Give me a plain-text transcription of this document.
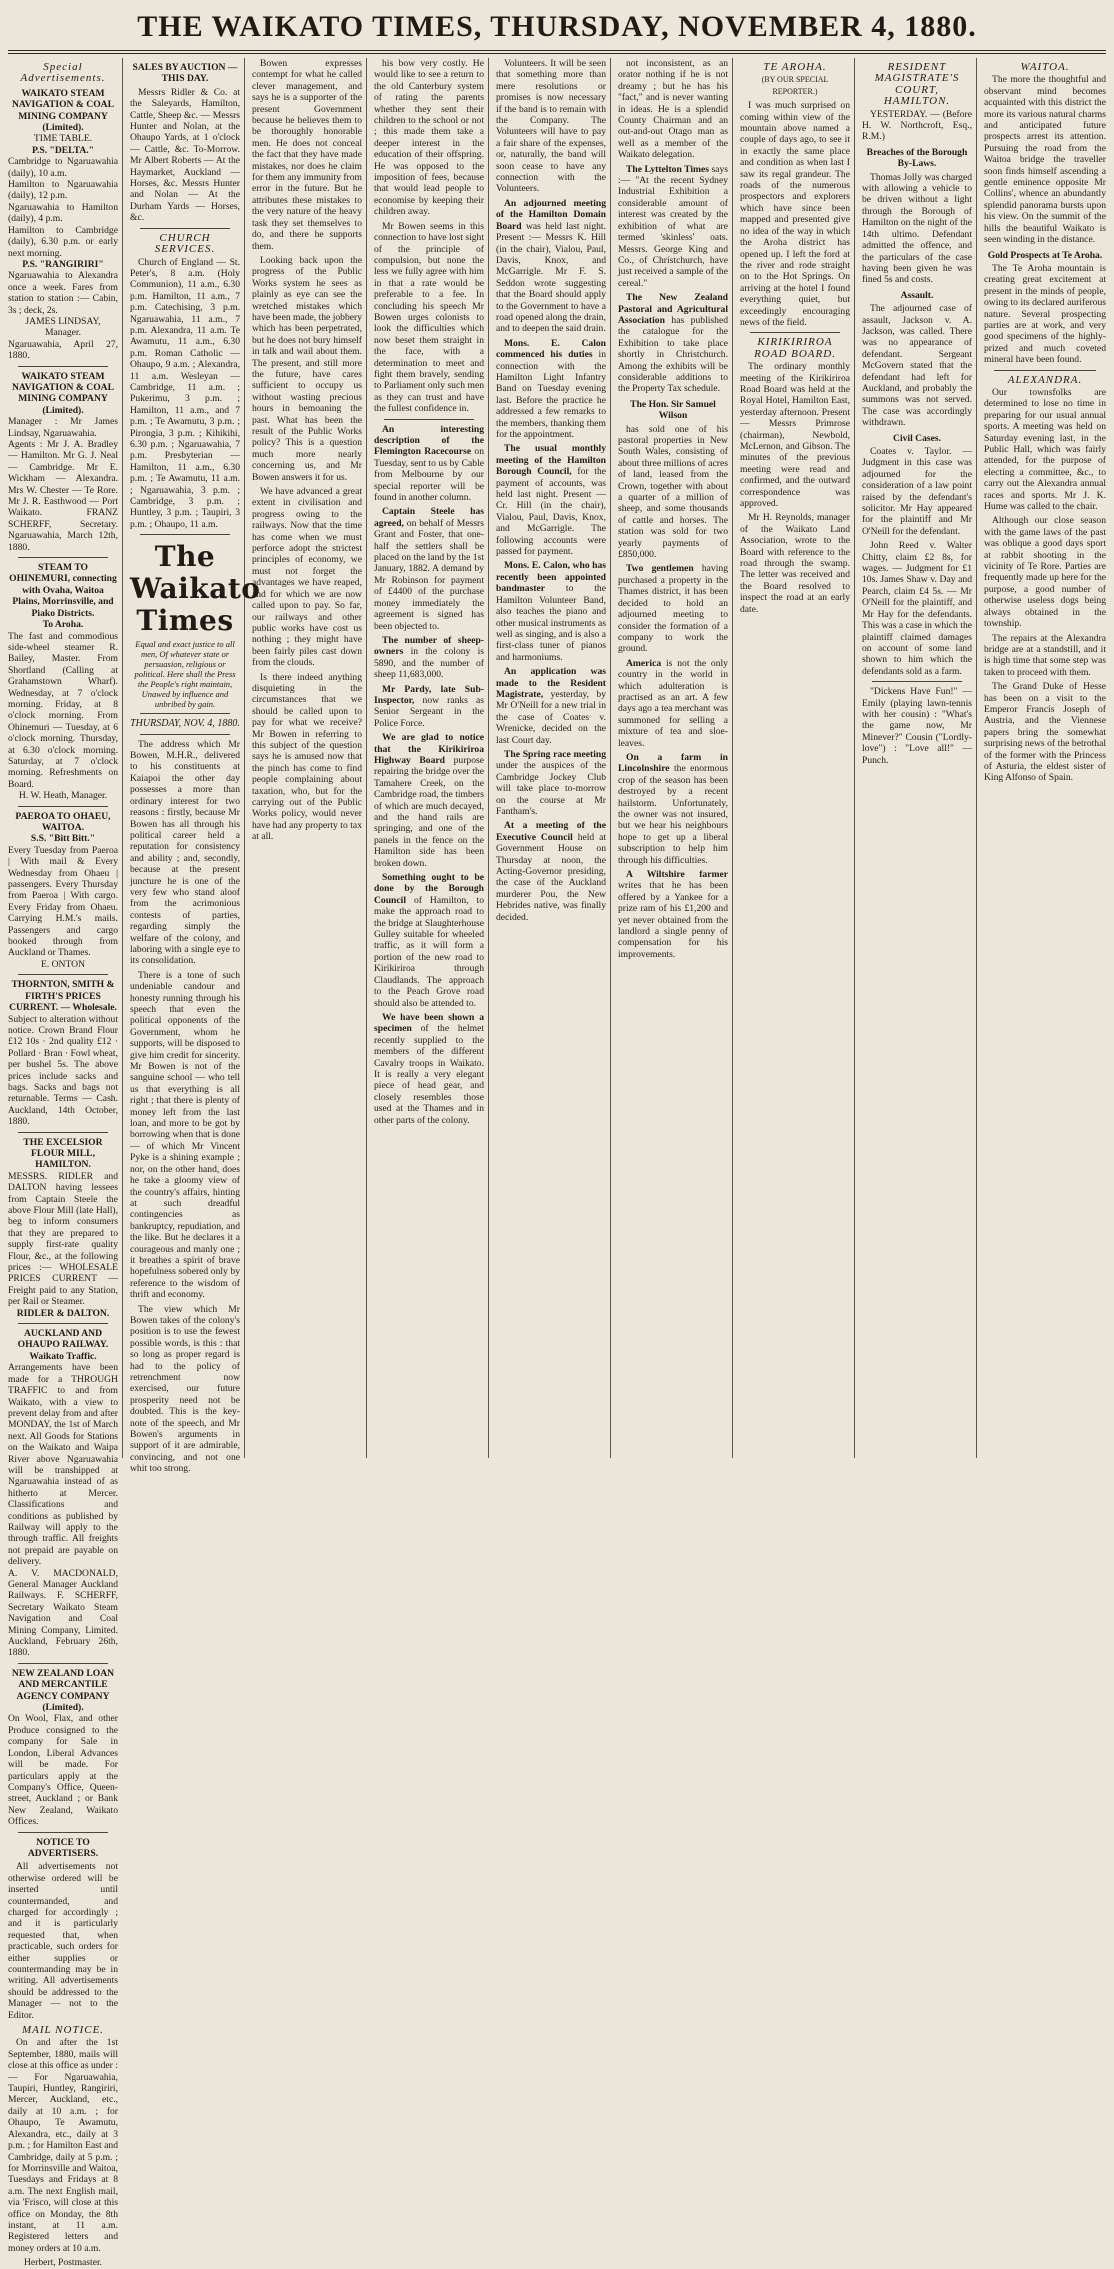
THE WAIKATO TIMES, THURSDAY, NOVEMBER 4, 1880.
Special Advertisements.
WAIKATO STEAM NAVIGATION & COAL MINING COMPANY (Limited).
TIME TABLE.
P.S. "DELTA."
Cambridge to Ngaruawahia (daily), 10 a.m.
Hamilton to Ngaruawahia (daily), 12 p.m.
Ngaruawahia to Hamilton (daily), 4 p.m.
Hamilton to Cambridge (daily), 6.30 p.m. or early next morning.
P.S. "RANGIRIRI"
Ngaruawahia to Alexandra once a week. Fares from station to station :— Cabin, 3s ; deck, 2s.
JAMES LINDSAY, Manager.
Ngaruawahia, April 27, 1880.
WAIKATO STEAM NAVIGATION & COAL MINING COMPANY (Limited).
Manager : Mr James Lindsay, Ngaruawahia.
Agents : Mr J. A. Bradley — Hamilton. Mr G. J. Neal — Cambridge. Mr E. Wickham — Alexandra. Mrs W. Chester — Te Rore. Mr J. R. Easthwood — Port Waikato. FRANZ SCHERFF, Secretary. Ngaruawahia, March 12th, 1880.
STEAM TO OHINEMURI, connecting with Ovaha, Waitoa Plains, Morrinsville, and Piako Districts.
To Aroha.
The fast and commodious side-wheel steamer R. Bailey, Master. From Shortland (Calling at Grahamstown Wharf). Wednesday, at 7 o'clock morning. Friday, at 8 o'clock morning. From Ohinemuri — Tuesday, at 6 o'clock morning. Thursday, at 6.30 o'clock morning. Saturday, at 7 o'clock morning. Refreshments on Board.
H. W. Heath, Manager.
PAEROA TO OHAEU, WAITOA.
S.S. "Bitt Bitt."
Every Tuesday from Paeroa | With mail & Every Wednesday from Ohaeu | passengers. Every Thursday from Paeroa | With cargo. Every Friday from Ohaeu. Carrying H.M.'s mails. Passengers and cargo booked through from Auckland or Thames.
E. ONTON
THORNTON, SMITH & FIRTH'S PRICES CURRENT. — Wholesale.
Subject to alteration without notice. Crown Brand Flour £12 10s · 2nd quality £12 · Pollard · Bran · Fowl wheat, per bushel 5s. The above prices include sacks and bags. Sacks and bags not returnable. Terms — Cash. Auckland, 14th October, 1880.
THE EXCELSIOR FLOUR MILL, HAMILTON.
MESSRS. RIDLER and DALTON having lessees from Captain Steele the above Flour Mill (late Hall), beg to inform consumers that they are prepared to supply first-rate quality Flour, &c., at the following prices :— WHOLESALE PRICES CURRENT — Freight paid to any Station, per Rail or Steamer.
RIDLER & DALTON.
AUCKLAND AND OHAUPO RAILWAY.
Waikato Traffic.
Arrangements have been made for a THROUGH TRAFFIC to and from Waikato, with a view to prevent delay from and after MONDAY, the 1st of March next. All Goods for Stations on the Waikato and Waipa River above Ngaruawahia will be transhipped at Ngaruawahia instead of as hitherto at Mercer. Classifications and conditions as published by Railway will apply to the through traffic. All freights not prepaid are payable on delivery.
A. V. MACDONALD, General Manager Auckland Railways. F. SCHERFF, Secretary Waikato Steam Navigation and Coal Mining Company, Limited. Auckland, February 26th, 1880.
NEW ZEALAND LOAN AND MERCANTILE AGENCY COMPANY (Limited).
On Wool, Flax, and other Produce consigned to the company for Sale in London, Liberal Advances will be made. For particulars apply at the Company's Office, Queen-street, Auckland ; or Bank New Zealand, Waikato Offices.
NOTICE TO ADVERTISERS.

All advertisements not otherwise ordered will be inserted until countermanded, and charged for accordingly ; and it is particularly requested that, when practicable, such orders for either supplies or countermanding may be in writing. All advertisements should be addressed to the Manager — not to the Editor.

MAIL NOTICE.

On and after the 1st September, 1880, mails will close at this office as under :— For Ngaruawahia, Taupiri, Huntley, Rangiriri, Mercer, Auckland, etc., daily at 10 a.m. ; for Ohaupo, Te Awamutu, Alexandra, etc., daily at 3 p.m. ; for Hamilton East and Cambridge, daily at 5 p.m. ; for Morrinsville and Waitoa, Tuesdays and Fridays at 8 a.m. The next English mail, via 'Frisco, will close at this office on Monday, the 8th instant, at 11 a.m. Registered letters and money orders at 10 a.m.

Herbert, Postmaster.
SALES BY AUCTION — THIS DAY.

Messrs Ridler & Co. at the Saleyards, Hamilton, Cattle, Sheep &c. — Messrs Hunter and Nolan, at the Ohaupo Yards, at 1 o'clock — Cattle, &c. To-Morrow. Mr Albert Roberts — At the Haymarket, Auckland — Horses, &c. Messrs Hunter and Nolan — At the Durham Yards — Horses, &c.

CHURCH SERVICES.

Church of England — St. Peter's, 8 a.m. (Holy Communion), 11 a.m., 6.30 p.m. Hamilton, 11 a.m., 7 p.m. Catechising, 3 p.m. Ngaruawahia, 11 a.m., 7 p.m. Alexandra, 11 a.m. Te Awamutu, 11 a.m., 6.30 p.m. Roman Catholic — Ohaupo, 9 a.m. ; Alexandra, 11 a.m. Wesleyan — Cambridge, 11 a.m. ; Pukerimu, 3 p.m. ; Hamilton, 11 a.m., and 7 p.m. ; Te Awamutu, 3 p.m. ; Pirongia, 3 p.m. ; Kihikihi, 6.30 p.m. ; Ngaruawahia, 7 p.m. Presbyterian — Hamilton, 11 a.m., 6.30 p.m. ; Te Awamutu, 11 a.m. ; Ngaruawahia, 3 p.m. ; Cambridge, 3 p.m. ; Huntley, 3 p.m. ; Taupiri, 3 p.m. ; Ohaupo, 11 a.m.

The Waikato Times
Equal and exact justice to all men, Of whatever state or persuasion, religious or political. Here shall the Press the People's right maintain, Unawed by influence and unbribed by gain.
THURSDAY, NOV. 4, 1880.

The address which Mr Bowen, M.H.R., delivered to his constituents at Kaiapoi the other day possesses a more than ordinary interest for two reasons : firstly, because Mr Bowen has all through his political career held a reputation for consistency and ability ; and, secondly, because at the present juncture he is one of the very few who stand aloof from the acrimonious contests of parties, regarding simply the welfare of the colony, and laboring with a single eye to its consolidation.

There is a tone of such undeniable candour and honesty running through his speech that even the political opponents of the Government, whom he supports, will be disposed to give him credit for sincerity. Mr Bowen is not of the sanguine school — who tell us that everything is all right ; that there is plenty of money left from the last loan, and more to be got by borrowing when that is done — of which Mr Vincent Pyke is a shining example ; nor, on the other hand, does he take a gloomy view of the country's affairs, hinting at such dreadful contingencies as bankruptcy, repudiation, and the like. But he declares it a courageous and manly one ; it breathes a spirit of brave hopefulness sobered only by reference to the wisdom of thrift and economy.

The view which Mr Bowen takes of the colony's position is to use the fewest possible words, is this : that so long as proper regard is had to the policy of retrenchment now exercised, our future prosperity need not be doubted. This is the key-note of the speech, and Mr Bowen's arguments in support of it are admirable, convincing, and not one whit too strong.

Bowen expresses contempt for what he called clever management, and says he is a supporter of the present Government because he believes them to be thoroughly honorable men. He does not conceal the fact that they have made mistakes, nor does he claim for them any immunity from error in the future. But he attributes these mistakes to the very nature of the heavy task they set themselves to do, and there he supports them.

Looking back upon the progress of the Public Works system he sees as plainly as eye can see the wretched mistakes which have been made, the jobbery which has been perpetrated, but he does not bury himself in talk and wail about them. The present, and still more the future, have cares sufficient to occupy us without wasting precious hours in bemoaning the past. What has been the result of the Public Works policy? This is a question much more nearly concerning us, and Mr Bowen answers it for us.

We have advanced a great extent in civilisation and progress owing to the railways. Now that the time has come when we must perforce adopt the strictest principles of economy, we must not forget the advantages we have reaped, and for which we are now called upon to pay. So far, our railways and other public works have cost us nothing ; they might have been fairly piles cast down from the clouds.

Is there indeed anything disquieting in the circumstances that we should be called upon to pay for what we receive? Mr Bowen in referring to this subject of the question says he is amused now that the pinch has come to find people complaining about taxation, who, but for the carrying out of the Public Works policy, would never have had any property to tax at all.

his bow very costly. He would like to see a return to the old Canterbury system of rating the parents whether they sent their children to the school or not ; this made them take a deeper interest in the education of their offspring. He was opposed to the imposition of fees, because that would lead people to economise by keeping their children away.

Mr Bowen seems in this connection to have lost sight of the principle of compulsion, but none the less we fully agree with him in that a rate would be preferable to a fee. In concluding his speech Mr Bowen urges colonists to look the difficulties which now beset them straight in the face, with a determination to meet and fight them bravely, sending to Parliament only such men as they can trust and have the fullest confidence in.

An interesting description of the Flemington Racecourse on Tuesday, sent to us by Cable from Melbourne by our special reporter will be found in another column.

Captain Steele has agreed, on behalf of Messrs Grant and Foster, that one-half the settlers shall be placed on the land by the 1st January, 1882. A demand by Mr Robinson for payment of £4400 of the purchase money immediately the agreement is signed has been objected to.

The number of sheep-owners in the colony is 5890, and the number of sheep 11,683,000.

Mr Pardy, late Sub-Inspector, now ranks as Senior Sergeant in the Police Force.

We are glad to notice that the Kirikiriroa Highway Board purpose repairing the bridge over the Tamahere Creek, on the Cambridge road, the timbers of which are much decayed, and the hand rails are springing, and one of the panels in the fence on the Hamilton side has been broken down.

Something ought to be done by the Borough Council of Hamilton, to make the approach road to the bridge at Slaughterhouse Gulley suitable for wheeled traffic, as it will form a portion of the new road to Kirikiriroa through Claudlands. The approach to the Peach Grove road should also be attended to.

We have been shown a specimen of the helmet recently supplied to the members of the different Cavalry troops in Waikato. It is really a very elegant piece of head gear, and closely resembles those used at the Thames and in other parts of the colony.

Volunteers. It will be seen that something more than mere resolutions or promises is now necessary if the band is to remain with the Company. The Volunteers will have to pay a fair share of the expenses, or, naturally, the band will soon cease to have any connection with the Volunteers.

An adjourned meeting of the Hamilton Domain Board was held last night. Present :— Messrs K. Hill (in the chair), Vialou, Paul, Davis, Knox, and McGarrigle. Mr F. S. Seddon wrote suggesting that the Board should apply to the Government to have a road opened along the drain, and to deepen the said drain.

Mons. E. Calon commenced his duties in connection with the Hamilton Light Infantry Band on Tuesday evening last. Before the practice he addressed a few remarks to the members, thanking them for the appointment.

The usual monthly meeting of the Hamilton Borough Council, for the payment of accounts, was held last night. Present — Cr. Hill (in the chair), Vialou, Paul, Davis, Knox, and McGarrigle. The following accounts were passed for payment.

Mons. E. Calon, who has recently been appointed bandmaster to the Hamilton Volunteer Band, also teaches the piano and other musical instruments as well as singing, and is also a first-class tuner of pianos and harmoniums.

An application was made to the Resident Magistrate, yesterday, by Mr O'Neill for a new trial in the case of Coates v. Wrenicke, decided on the last Court day.

The Spring race meeting under the auspices of the Cambridge Jockey Club will take place to-morrow on the course at Mr Fantham's.

At a meeting of the Executive Council held at Government House on Thursday at noon, the Acting-Governor presiding, the case of the Auckland murderer Pou, the New Hebrides native, was finally decided.

not inconsistent, as an orator nothing if he is not dreamy ; but he has his "fact," and is never wanting in ideas. He is a splendid County Chairman and an out-and-out Otago man as well as a member of the Waikato delegation.

The Lyttelton Times says :— "At the recent Sydney Industrial Exhibition a considerable amount of interest was created by the exhibition of what are termed 'skinless' oats. Messrs. George King and Co., of Christchurch, have just received a sample of the cereal."

The New Zealand Pastoral and Agricultural Association has published the catalogue for the Exhibition to take place shortly in Christchurch. Among the exhibits will be considerable additions to the Property Tax schedule.

The Hon. Sir Samuel Wilson

has sold one of his pastoral properties in New South Wales, consisting of about three millions of acres of land, leased from the Crown, together with about a quarter of a million of sheep, and some thousands of cattle and horses. The station was sold for two yearly payments of £850,000.

Two gentlemen having purchased a property in the Thames district, it has been decided to hold an adjourned meeting to consider the formation of a company to work the ground.

America is not the only country in the world in which adulteration is practised as an art. A few days ago a tea merchant was summoned for selling a mixture of tea and sloe-leaves.

On a farm in Lincolnshire the enormous crop of the season has been destroyed by a recent hailstorm. Unfortunately, the owner was not insured, but we hear his neighbours hope to get up a liberal subscription to help him through his difficulties.

A Wiltshire farmer writes that he has been offered by a Yankee for a prize ram of his £1,200 and yet never obtained from the landlord a single penny of compensation for his improvements.

TE AROHA.
(BY OUR SPECIAL REPORTER.)

I was much surprised on coming within view of the mountain above named a couple of days ago, to see it in exactly the same place and condition as when last I saw its regal grandeur. The roads of the numerous prospectors and explorers which have since been mapped and presented give no idea of the way in which the Aroha district has opened up. I left the ford at the river and rode straight on to the Hot Springs. On arriving at the hotel I found everything quiet, but exceedingly encouraging news of the field.

KIRIKIRIROA ROAD BOARD.

The ordinary monthly meeting of the Kirikiriroa Road Board was held at the Royal Hotel, Hamilton East, yesterday afternoon. Present — Messrs Primrose (chairman), Newbold, McLernon, and Gibson. The minutes of the previous meeting were read and confirmed, and the outward correspondence was approved.

Mr H. Reynolds, manager of the Waikato Land Association, wrote to the Board with reference to the road through the swamp. The letter was received and the Board resolved to inspect the road at an early date.

RESIDENT MAGISTRATE'S COURT, HAMILTON.

YESTERDAY. — (Before H. W. Northcroft, Esq., R.M.)

Breaches of the Borough By-Laws.

Thomas Jolly was charged with allowing a vehicle to be driven without a light through the Borough of Hamilton on the night of the 14th ultimo. Defendant admitted the offence, and the particulars of the case having been given he was fined 5s and costs.

Assault.

The adjourned case of assault, Jackson v. A. Jackson, was called. There was no appearance of defendant. Sergeant McGovern stated that the defendant had left for Auckland, and probably the summons was not served. The case was accordingly withdrawn.

Civil Cases.

Coates v. Taylor. — Judgment in this case was adjourned for the consideration of a law point raised by the defendant's solicitor. Mr Hay appeared for the plaintiff and Mr O'Neill for the defendant.

John Reed v. Walter Chitty, claim £2 8s, for wages. — Judgment for £1 10s. James Shaw v. Day and Pearch, claim £4 5s. — Mr O'Neill for the plaintiff, and Mr Hay for the defendants. This was a case in which the plaintiff claimed damages on account of some land shown to him which the defendants sold as a farm.

"Dickens Have Fun!" — Emily (playing lawn-tennis with her cousin) : "What's the game now, Mr Minever?" Cousin ("Lordly-love") : "Love all!" — Punch.

WAITOA.

The more the thoughtful and observant mind becomes acquainted with this district the more its various natural charms and anticipated future prospects arrest its attention. Pursuing the road from the Waitoa bridge the traveller soon finds himself ascending a gentle eminence opposite Mr Collins', whence an abundantly splendid panorama bursts upon his view. On the summit of the hills the beautiful Waikato is seen winding in the distance.

Gold Prospects at Te Aroha.

The Te Aroha mountain is creating great excitement at present in the minds of people, owing to its declared auriferous nature. Several prospecting parties are at work, and very good specimens of the highly-prized and much coveted mineral have been found.

ALEXANDRA.

Our townsfolks are determined to lose no time in preparing for our usual annual sports. A meeting was held on Saturday evening last, in the Public Hall, which was fairly attended, for the purpose of electing a committee, &c., to carry out the Alexandra annual races and sports. Mr J. K. Hume was called to the chair.

Although our close season with the game laws of the past was oblique a good days sport at rabbit shooting in the vicinity of Te Rore. Parties are frequently made up here for the purpose, a good number of otherwise useless dogs being always obtained in the township.

The repairs at the Alexandra bridge are at a standstill, and it is high time that some step was taken to proceed with them.

The Grand Duke of Hesse has been on a visit to the Emperor Francis Joseph of Austria, and the Viennese papers bring the somewhat surprising news of the betrothal of the former with the Princess of Asturia, the eldest sister of King Alfonso of Spain.
